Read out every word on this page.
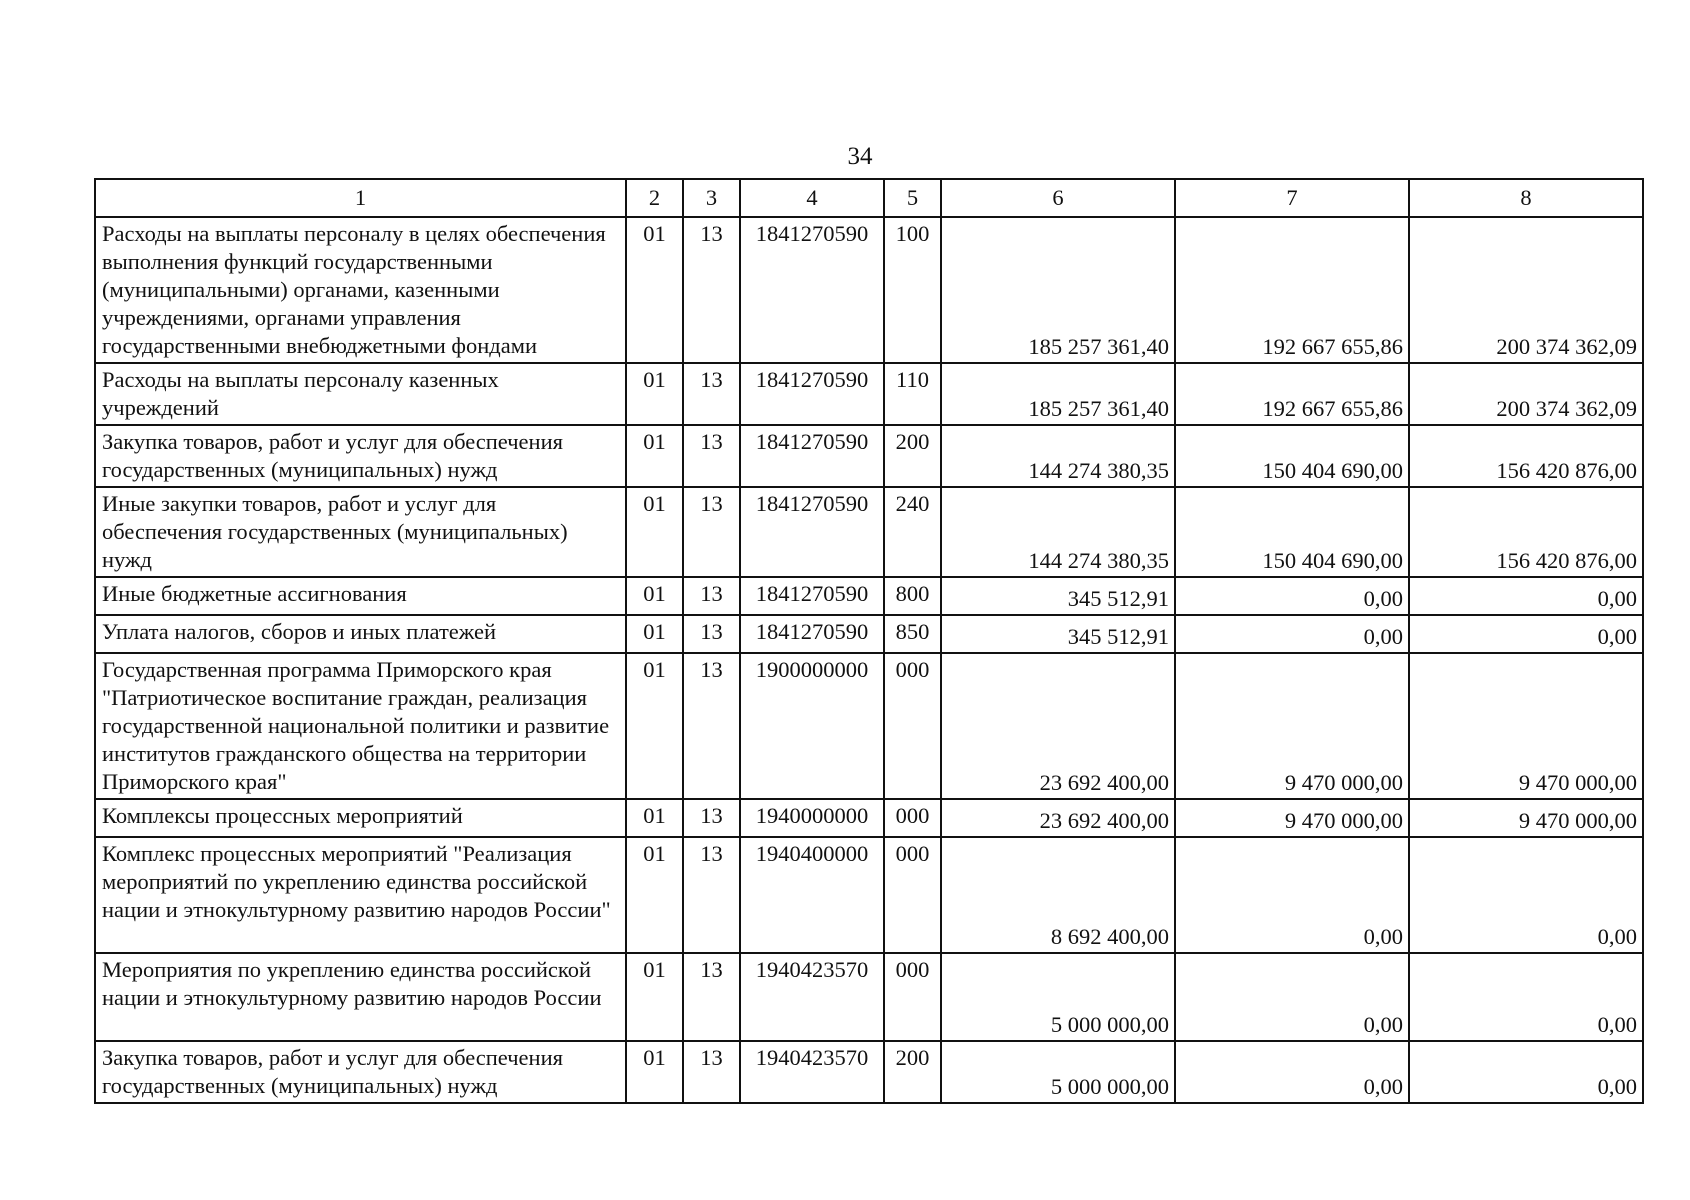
34
1	2	3	4	5	6	7	8
Расходы на выплаты персоналу в целях обеспечения выполнения функций государственными (муниципальными) органами, казенными учреждениями, органами управления государственными внебюджетными фондами	01	13	1841270590	100	185 257 361,40	192 667 655,86	200 374 362,09
Расходы на выплаты персоналу казенных учреждений	01	13	1841270590	110	185 257 361,40	192 667 655,86	200 374 362,09
Закупка товаров, работ и услуг для обеспечения государственных (муниципальных) нужд	01	13	1841270590	200	144 274 380,35	150 404 690,00	156 420 876,00
Иные закупки товаров, работ и услуг для обеспечения государственных (муниципальных) нужд	01	13	1841270590	240	144 274 380,35	150 404 690,00	156 420 876,00
Иные бюджетные ассигнования	01	13	1841270590	800	345 512,91	0,00	0,00
Уплата налогов, сборов и иных платежей	01	13	1841270590	850	345 512,91	0,00	0,00
Государственная программа Приморского края "Патриотическое воспитание граждан, реализация государственной национальной политики и развитие институтов гражданского общества на территории Приморского края"	01	13	1900000000	000	23 692 400,00	9 470 000,00	9 470 000,00
Комплексы процессных мероприятий	01	13	1940000000	000	23 692 400,00	9 470 000,00	9 470 000,00
Комплекс процессных мероприятий "Реализация мероприятий по укреплению единства российской нации и этнокультурному развитию народов России"	01	13	1940400000	000	8 692 400,00	0,00	0,00
Мероприятия по укреплению единства российской нации и этнокультурному развитию народов России	01	13	1940423570	000	5 000 000,00	0,00	0,00
Закупка товаров, работ и услуг для обеспечения государственных (муниципальных) нужд	01	13	1940423570	200	5 000 000,00	0,00	0,00
